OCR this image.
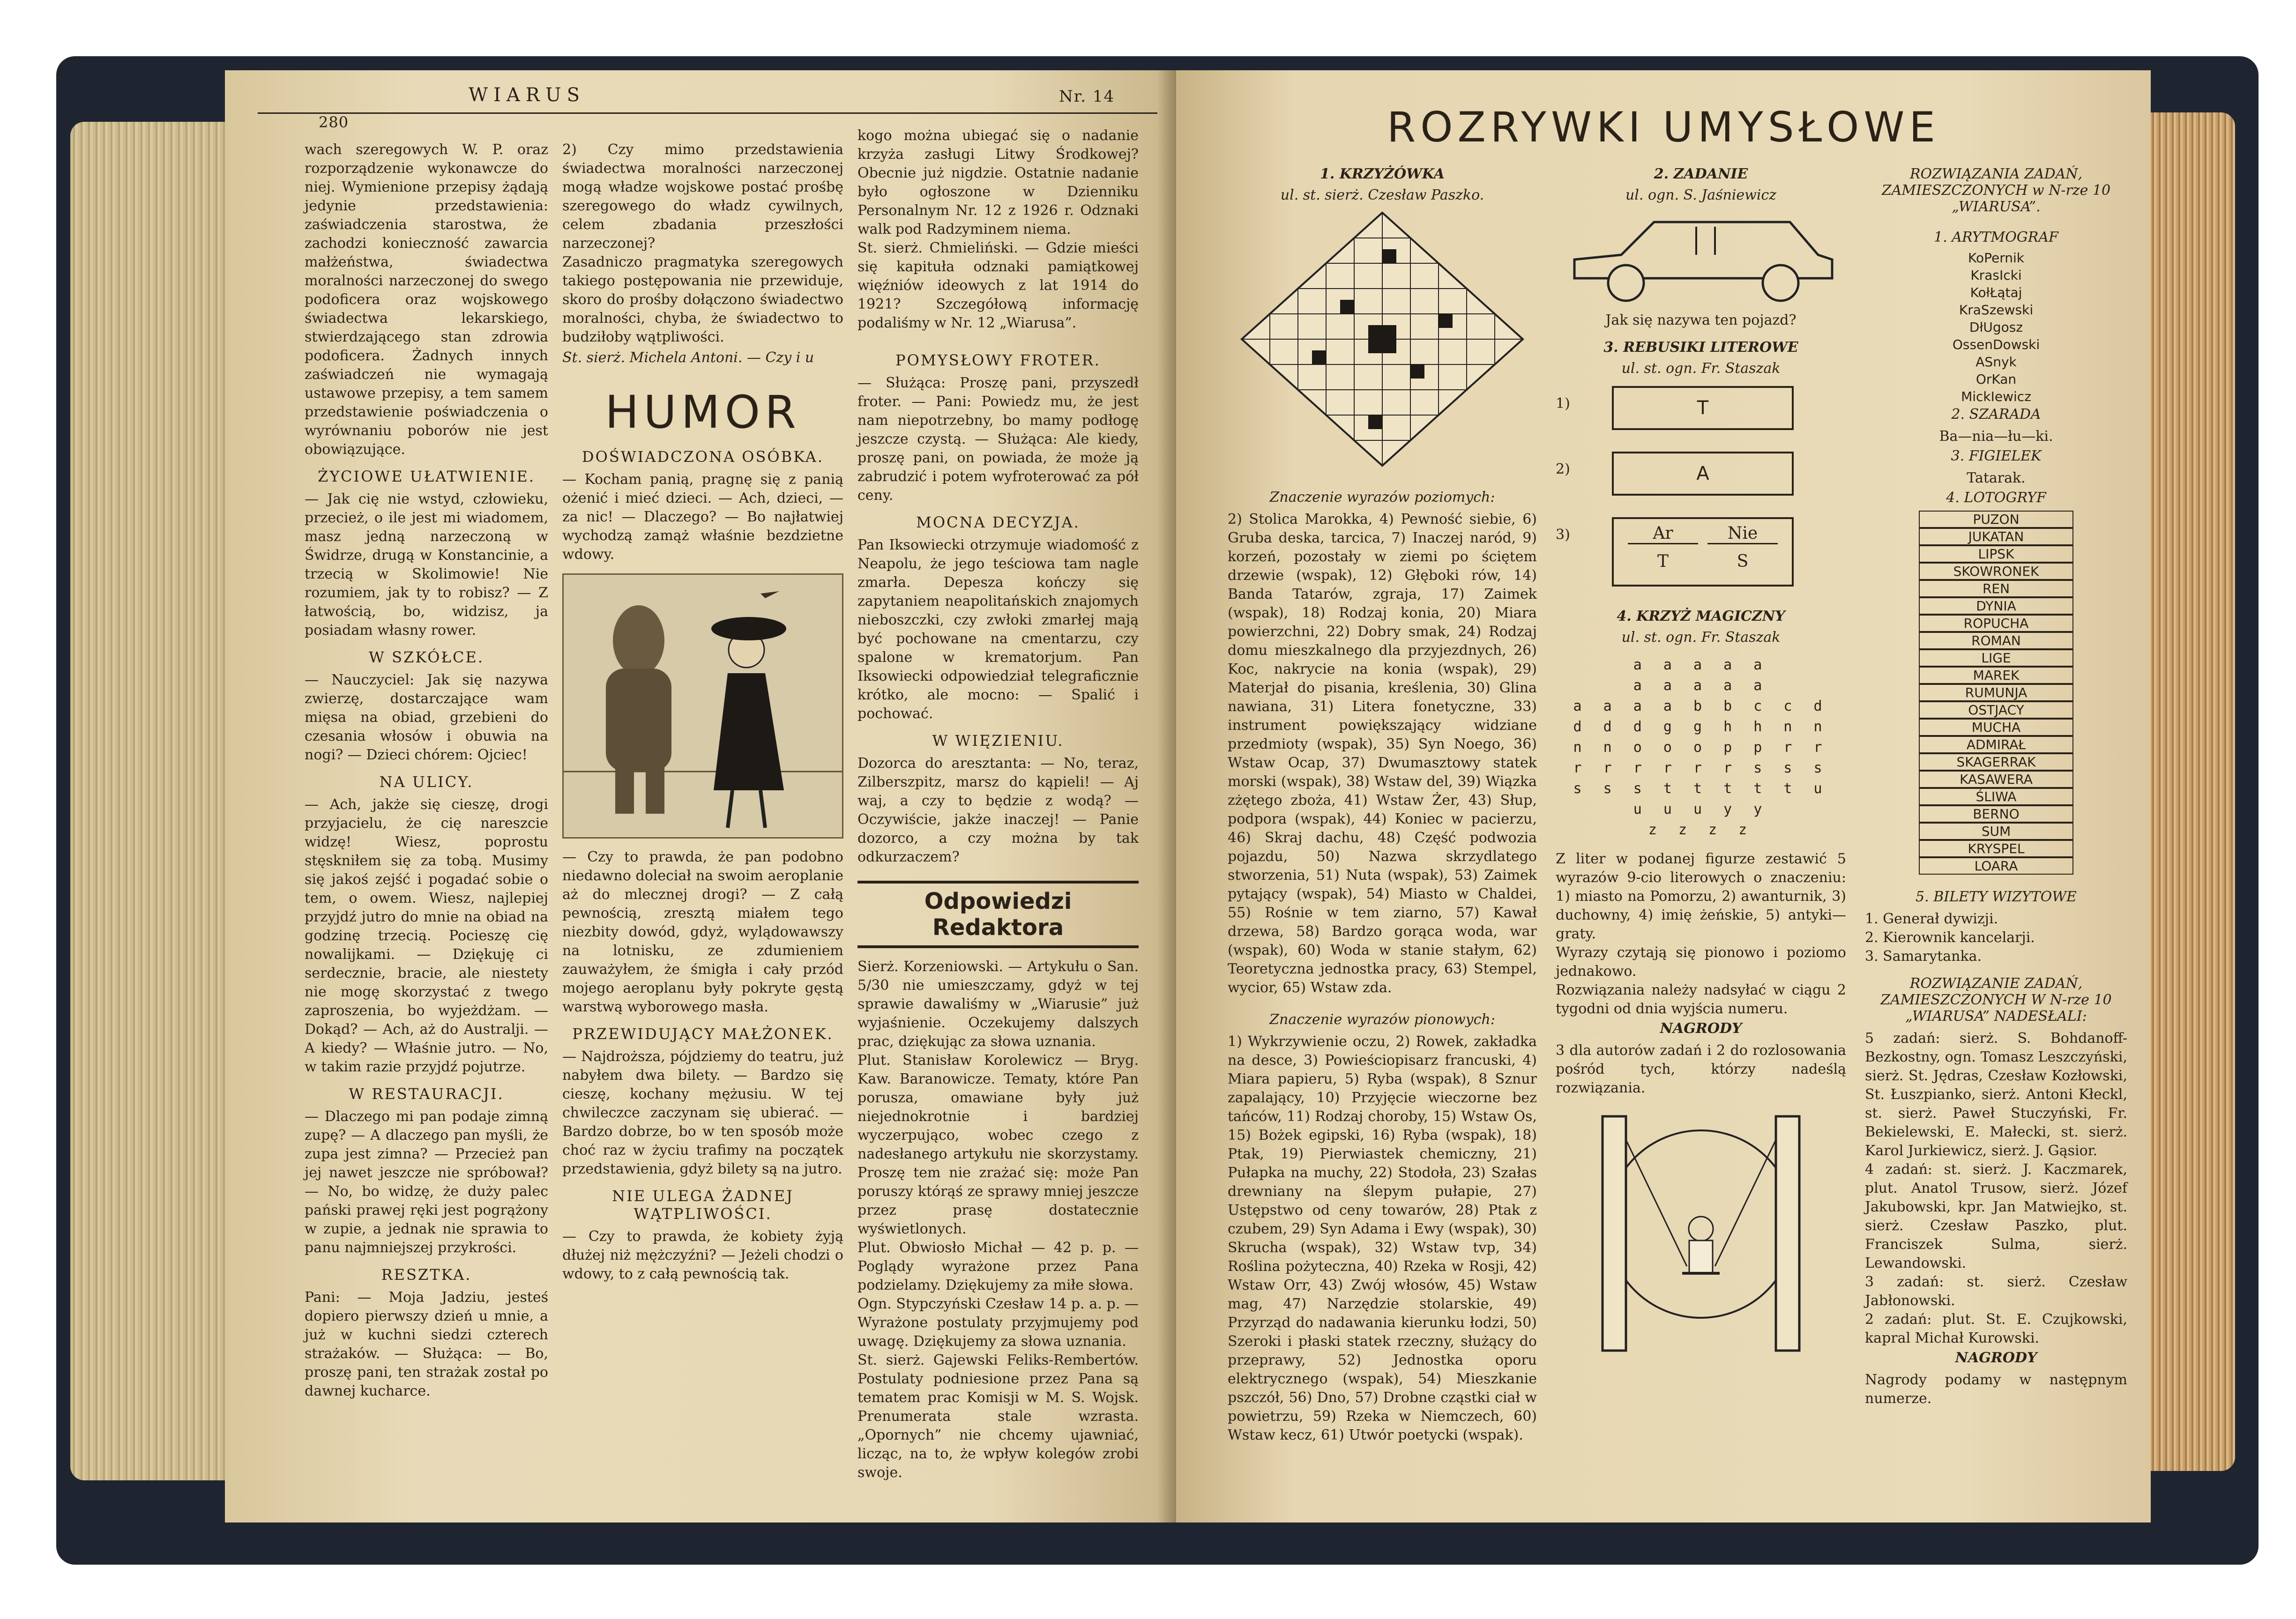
WIARUS	Nr. 14
280

wach szeregowych W. P. oraz rozporządzenie wykonawcze do niej. Wymienione przepisy żądają jedynie przedstawienia: zaświadczenia starostwa, że zachodzi konieczność zawarcia małżeństwa, świadectwa moralności narzeczonej do swego podoficera oraz wojskowego świadectwa lekarskiego, stwierdzającego stan zdrowia podoficera. Żadnych innych zaświadczeń nie wymagają ustawowe przepisy, a tem samem przedstawienie poświadczenia o wyrównaniu poborów nie jest obowiązujące.

ŻYCIOWE UŁATWIENIE.

— Jak cię nie wstyd, człowieku, przecież, o ile jest mi wiadomem, masz jedną narzeczoną w Świdrze, drugą w Konstancinie, a trzecią w Skolimowie! Nie rozumiem, jak ty to robisz? — Z łatwością, bo, widzisz, ja posiadam własny rower.

W SZKÓŁCE.

— Nauczyciel: Jak się nazywa zwierzę, dostarczające wam mięsa na obiad, grzebieni do czesania włosów i obuwia na nogi? — Dzieci chórem: Ojciec!

NA ULICY.

— Ach, jakże się cieszę, drogi przyjacielu, że cię nareszcie widzę! Wiesz, poprostu stęskniłem się za tobą. Musimy się jakoś zejść i pogadać sobie o tem, o owem. Wiesz, najlepiej przyjdź jutro do mnie na obiad na godzinę trzecią. Pocieszę cię nowalijkami. — Dziękuję ci serdecznie, bracie, ale niestety nie mogę skorzystać z twego zaproszenia, bo wyjeżdżam. — Dokąd? — Ach, aż do Australji. — A kiedy? — Właśnie jutro. — No, w takim razie przyjdź pojutrze.

W RESTAURACJI.

— Dlaczego mi pan podaje zimną zupę? — A dlaczego pan myśli, że zupa jest zimna? — Przecież pan jej nawet jeszcze nie spróbował? — No, bo widzę, że duży palec pański prawej ręki jest pogrążony w zupie, a jednak nie sprawia to panu najmniejszej przykrości.

RESZTKA.

Pani: — Moja Jadziu, jesteś dopiero pierwszy dzień u mnie, a już w kuchni siedzi czterech strażaków. — Służąca: — Bo, proszę pani, ten strażak został po dawnej kucharce.

2) Czy mimo przedstawienia świadectwa moralności narzeczonej mogą władze wojskowe postać prośbę szeregowego do władz cywilnych, celem zbadania przeszłości narzeczonej?

Zasadniczo pragmatyka szeregowych takiego postępowania nie przewiduje, skoro do prośby dołączono świadectwo moralności, chyba, że świadectwo to budziłoby wątpliwości.

St. sierż. Michela Antoni. — Czy i u

HUMOR
DOŚWIADCZONA OSÓBKA.

— Kocham panią, pragnę się z panią ożenić i mieć dzieci. — Ach, dzieci, — za nic! — Dlaczego? — Bo najłatwiej wychodzą zamąż właśnie bezdzietne wdowy.

— Czy to prawda, że pan podobno niedawno doleciał na swoim aeroplanie aż do mlecznej drogi? — Z całą pewnością, zresztą miałem tego niezbity dowód, gdyż, wylądowawszy na lotnisku, ze zdumieniem zauważyłem, że śmigła i cały przód mojego aeroplanu były pokryte gęstą warstwą wyborowego masła.

PRZEWIDUJĄCY MAŁŻONEK.

— Najdroższa, pójdziemy do teatru, już nabyłem dwa bilety. — Bardzo się cieszę, kochany mężusiu. W tej chwileczce zaczynam się ubierać. — Bardzo dobrze, bo w ten sposób może choć raz w życiu trafimy na początek przedstawienia, gdyż bilety są na jutro.

NIE ULEGA ŻADNEJ WĄTPLIWOŚCI.

— Czy to prawda, że kobiety żyją dłużej niż mężczyźni? — Jeżeli chodzi o wdowy, to z całą pewnością tak.

kogo można ubiegać się o nadanie krzyża zasługi Litwy Środkowej? Obecnie już nigdzie. Ostatnie nadanie było ogłoszone w Dzienniku Personalnym Nr. 12 z 1926 r. Odznaki walk pod Radzyminem niema.

St. sierż. Chmieliński. — Gdzie mieści się kapituła odznaki pamiątkowej więźniów ideowych z lat 1914 do 1921? Szczegółową informację podaliśmy w Nr. 12 „Wiarusa”.

POMYSŁOWY FROTER.

— Służąca: Proszę pani, przyszedł froter. — Pani: Powiedz mu, że jest nam niepotrzebny, bo mamy podłogę jeszcze czystą. — Służąca: Ale kiedy, proszę pani, on powiada, że może ją zabrudzić i potem wyfroterować za pół ceny.

MOCNA DECYZJA.

Pan Iksowiecki otrzymuje wiadomość z Neapolu, że jego teściowa tam nagle zmarła. Depesza kończy się zapytaniem neapolitańskich znajomych nieboszczki, czy zwłoki zmarłej mają być pochowane na cmentarzu, czy spalone w krematorjum. Pan Iksowiecki odpowiedział telegraficznie krótko, ale mocno: — Spalić i pochować.

W WIĘZIENIU.

Dozorca do aresztanta: — No, teraz, Zilberszpitz, marsz do kąpieli! — Aj waj, a czy to będzie z wodą? — Oczywiście, jakże inaczej! — Panie dozorco, a czy można by tak odkurzaczem?

Odpowiedzi Redaktora

Sierż. Korzeniowski. — Artykułu o San. 5/30 nie umieszczamy, gdyż w tej sprawie dawaliśmy w „Wiarusie” już wyjaśnienie. Oczekujemy dalszych prac, dziękując za słowa uznania.

Plut. Stanisław Korolewicz — Bryg. Kaw. Baranowicze. Tematy, które Pan porusza, omawiane były już niejednokrotnie i bardziej wyczerpująco, wobec czego z nadesłanego artykułu nie skorzystamy. Proszę tem nie zrażać się: może Pan poruszy którąś ze sprawy mniej jeszcze przez prasę dostatecznie wyświetlonych.

Plut. Obwiosło Michał — 42 p. p. — Poglądy wyrażone przez Pana podzielamy. Dziękujemy za miłe słowa.

Ogn. Stypczyński Czesław 14 p. a. p. — Wyrażone postulaty przyjmujemy pod uwagę. Dziękujemy za słowa uznania.

St. sierż. Gajewski Feliks-Rembertów. Postulaty podniesione przez Pana są tematem prac Komisji w M. S. Wojsk. Prenumerata stale wzrasta. „Opornych” nie chcemy ujawniać, licząc, na to, że wpływ kolegów zrobi swoje.

ROZRYWKI UMYSŁOWE
1. KRZYŻÓWKA
ul. st. sierż. Czesław Paszko.
Znaczenie wyrazów poziomych:

2) Stolica Marokka, 4) Pewność siebie, 6) Gruba deska, tarcica, 7) Inaczej naród, 9) korzeń, pozostały w ziemi po ściętem drzewie (wspak), 12) Głęboki rów, 14) Banda Tatarów, zgraja, 17) Zaimek (wspak), 18) Rodzaj konia, 20) Miara powierzchni, 22) Dobry smak, 24) Rodzaj domu mieszkalnego dla przyjezdnych, 26) Koc, nakrycie na konia (wspak), 29) Materjał do pisania, kreślenia, 30) Glina nawiana, 31) Litera fonetyczne, 33) instrument powiększający widziane przedmioty (wspak), 35) Syn Noego, 36) Wstaw Ocap, 37) Dwumasztowy statek morski (wspak), 38) Wstaw del, 39) Wiązka zżętego zboża, 41) Wstaw Żer, 43) Słup, podpora (wspak), 44) Koniec w pacierzu, 46) Skraj dachu, 48) Część podwozia pojazdu, 50) Nazwa skrzydlatego stworzenia, 51) Nuta (wspak), 53) Zaimek pytający (wspak), 54) Miasto w Chaldei, 55) Rośnie w tem ziarno, 57) Kawał drzewa, 58) Bardzo gorąca woda, war (wspak), 60) Woda w stanie stałym, 62) Teoretyczna jednostka pracy, 63) Stempel, wycior, 65) Wstaw zda.

Znaczenie wyrazów pionowych:

1) Wykrzywienie oczu, 2) Rowek, zakładka na desce, 3) Powieściopisarz francuski, 4) Miara papieru, 5) Ryba (wspak), 8 Sznur zapalający, 10) Przyjęcie wieczorne bez tańców, 11) Rodzaj choroby, 15) Wstaw Os, 15) Bożek egipski, 16) Ryba (wspak), 18) Ptak, 19) Pierwiastek chemiczny, 21) Pułapka na muchy, 22) Stodoła, 23) Szałas drewniany na ślepym pułapie, 27) Ustępstwo od ceny towarów, 28) Ptak z czubem, 29) Syn Adama i Ewy (wspak), 30) Skrucha (wspak), 32) Wstaw tvp, 34) Roślina pożyteczna, 40) Rzeka w Rosji, 42) Wstaw Orr, 43) Zwój włosów, 45) Wstaw mag, 47) Narzędzie stolarskie, 49) Przyrząd do nadawania kierunku łodzi, 50) Szeroki i płaski statek rzeczny, służący do przeprawy, 52) Jednostka oporu elektrycznego (wspak), 54) Mieszkanie pszczół, 56) Dno, 57) Drobne cząstki ciał w powietrzu, 59) Rzeka w Niemczech, 60) Wstaw kecz, 61) Utwór poetycki (wspak).

2. ZADANIE
ul. ogn. S. Jaśniewicz
Jak się nazywa ten pojazd?
3. REBUSIKI LITEROWE
ul. st. ogn. Fr. Staszak
1)	T
2)	A
3)	Ar	Nie
T	S
4. KRZYŻ MAGICZNY
ul. st. ogn. Fr. Staszak
a a a a a
a a a a a
a a a a b b c c d
d d d g g h h n n
n n o o o p p r r
r r r r r r s s s
s s s t t t t t u
u u u y y
z z z z

Z liter w podanej figurze zestawić 5 wyrazów 9-cio literowych o znaczeniu: 1) miasto na Pomorzu, 2) awanturnik, 3) duchowny, 4) imię żeńskie, 5) antyki—graty.

Wyrazy czytają się pionowo i poziomo jednakowo.

Rozwiązania należy nadsyłać w ciągu 2 tygodni od dnia wyjścia numeru.

NAGRODY

3 dla autorów zadań i 2 do rozlosowania pośród tych, którzy nadeślą rozwiązania.

ROZWIĄZANIA ZADAŃ, ZAMIESZCZONYCH w N-rze 10 „WIARUSA”.
1. ARYTMOGRAF
KoPernik
KrasIcki
KołŁątaj
KraSzewski
DłUgosz
OssenDowski
ASnyk
OrKan
MickIewicz
2. SZARADA
Ba—nia—łu—ki.
3. FIGIELEK
Tatarak.
4. LOTOGRYF
PUZON
JUKATAN
LIPSK
SKOWRONEK
REN
DYNIA
ROPUCHA
ROMAN
LIGE
MAREK
RUMUNJA
OSTJACY
MUCHA
ADMIRAŁ
SKAGERRAK
KASAWERA
ŚLIWA
BERNO
SUM
KRYSPEL
LOARA
5. BILETY WIZYTOWE
1. Generał dywizji.
2. Kierownik kancelarji.
3. Samarytanka.
ROZWIĄZANIE ZADAŃ, ZAMIESZCZONYCH W N-rze 10 „WIARUSA” NADESŁALI:

5 zadań: sierż. S. Bohdanoff-Bezkostny, ogn. Tomasz Leszczyński, sierż. St. Jędras, Czesław Kozłowski, St. Łuszpianko, sierż. Antoni Kłeckl, st. sierż. Paweł Stuczyński, Fr. Bekielewski, E. Małecki, st. sierż. Karol Jurkiewicz, sierż. J. Gąsior.

4 zadań: st. sierż. J. Kaczmarek, plut. Anatol Trusow, sierż. Józef Jakubowski, kpr. Jan Matwiejko, st. sierż. Czesław Paszko, plut. Franciszek Sulma, sierż. Lewandowski.

3 zadań: st. sierż. Czesław Jabłonowski.

2 zadań: plut. St. E. Czujkowski, kapral Michał Kurowski.

NAGRODY

Nagrody podamy w następnym numerze.
